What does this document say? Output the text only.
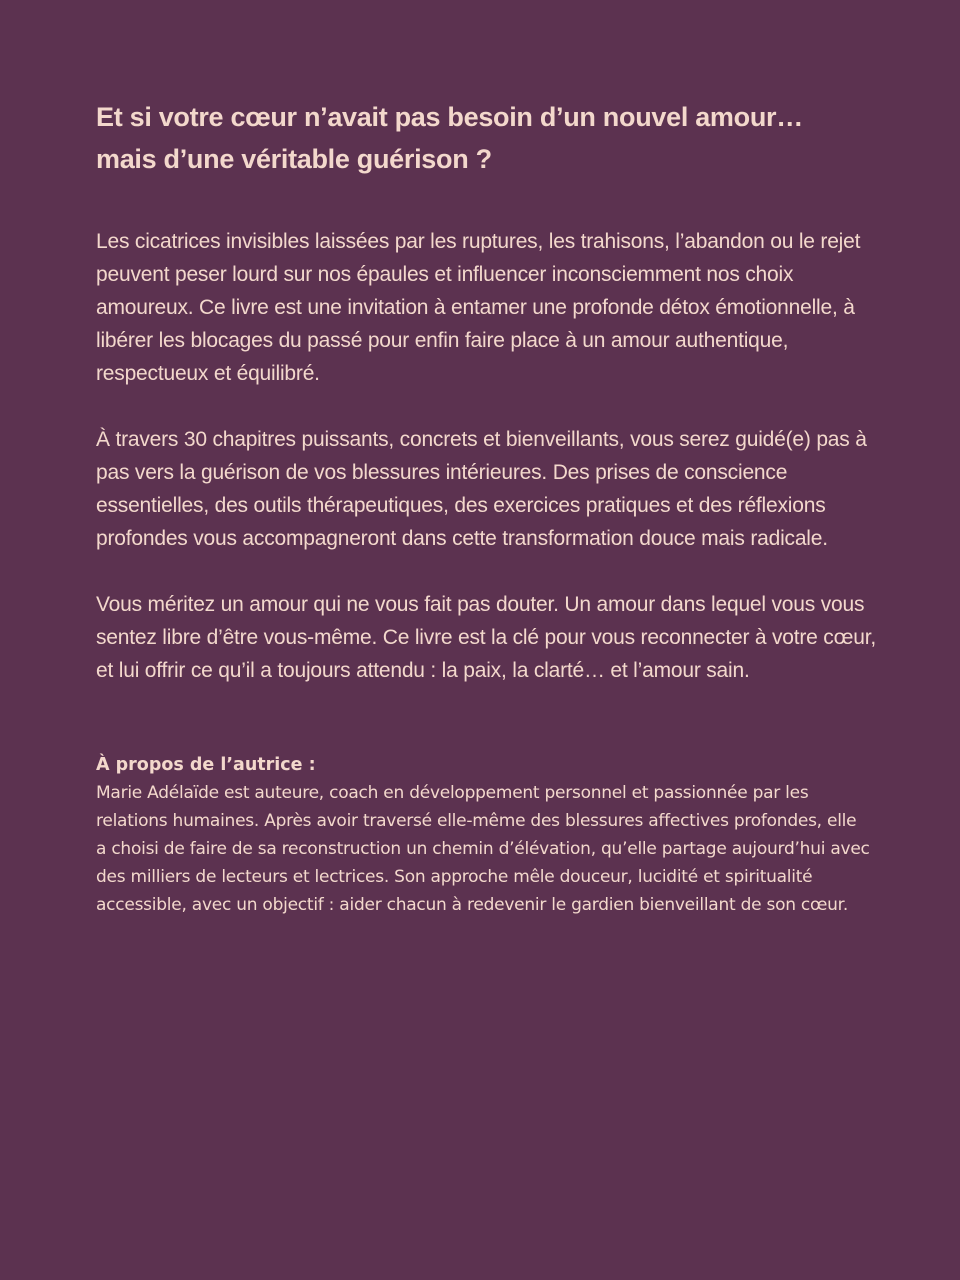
Et si votre cœur n’avait pas besoin d’un nouvel amour…
mais d’une véritable guérison ?

Les cicatrices invisibles laissées par les ruptures, les trahisons, l’abandon ou le rejet peuvent peser lourd sur nos épaules et influencer inconsciemment nos choix amoureux. Ce livre est une invitation à entamer une profonde détox émotionnelle, à libérer les blocages du passé pour enfin faire place à un amour authentique, respectueux et équilibré.

À travers 30 chapitres puissants, concrets et bienveillants, vous serez guidé(e) pas à pas vers la guérison de vos blessures intérieures. Des prises de conscience essentielles, des outils thérapeutiques, des exercices pratiques et des réflexions profondes vous accompagneront dans cette transformation douce mais radicale.

Vous méritez un amour qui ne vous fait pas douter. Un amour dans lequel vous vous sentez libre d’être vous-même. Ce livre est la clé pour vous reconnecter à votre cœur, et lui offrir ce qu’il a toujours attendu : la paix, la clarté… et l’amour sain.

À propos de l’autrice :
Marie Adélaïde est auteure, coach en développement personnel et passionnée par les relations humaines. Après avoir traversé elle-même des blessures affectives profondes, elle a choisi de faire de sa reconstruction un chemin d’élévation, qu’elle partage aujourd’hui avec des milliers de lecteurs et lectrices. Son approche mêle douceur, lucidité et spiritualité accessible, avec un objectif : aider chacun à redevenir le gardien bienveillant de son cœur.
